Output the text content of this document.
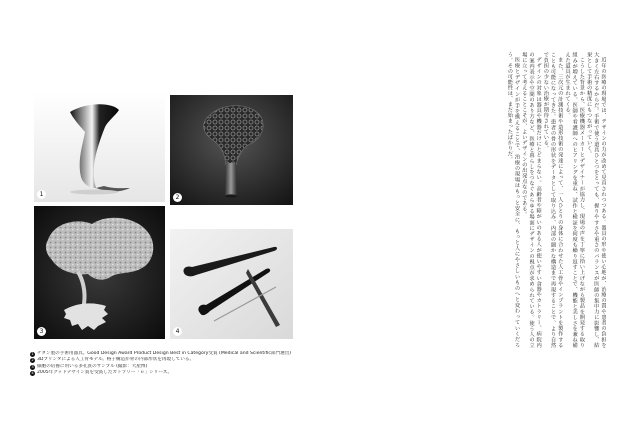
1	2
3	4
1 チタン製の手術用器具。Good Design Award Product Design Best in Category受賞 (Medical and Scientific部門選出)
2 3Dプリンタによる人工骨モデル。格子構造が骨の内部形状を再現している。
3 細胞の培養に用いる多孔質のサンプル (撮影：大屋博)
4 2005年グッドデザイン賞を受賞したカトラリー「ｅ」シリーズ。

近年の医療の現場では、デザインの力が改めて見直されつつある。器具の形や使い心地が、治療の質や患者の負担を大きく左右するからだ。手術で使う道具ひとつをとっても、握りやすさや重さのバランスが医師の集中力に影響し、結果として手術の精度にもつながっていく。

こうした背景から、医療機器メーカーとデザイナーが協力し、現場の声を丁寧に拾い上げながら製品を開発する取り組みが増えている。医師や看護師へのヒアリングを重ね、試作と検証を何度も繰り返すことで、機能と美しさを兼ね備えた道具が生まれてくる。

また、三次元の計測技術や造形技術の発達によって、一人ひとりの身体に合わせた人工骨やインプラントを製作することも可能になってきた。患者の骨の形状をデータとして取り込み、内部の細かな構造まで再現することで、より自然で負担の少ない治療が期待されている。

デザインの対象は器具や機器だけにとどまらない。高齢者や障がいのある人が使いやすい食器やカトラリー、病院内の案内表示や空間のあり方など、医療と暮らしをつなぐあらゆる場面にデザインの視点が求められている。使う人の立場に立って考えることこそが、よいデザインの出発点なのである。

医療とデザインが手を携えることで、治療の現場はもっと安全に、もっと人にやさしいものへと変わっていくだろう。その可能性は、まだ始まったばかりだ。
